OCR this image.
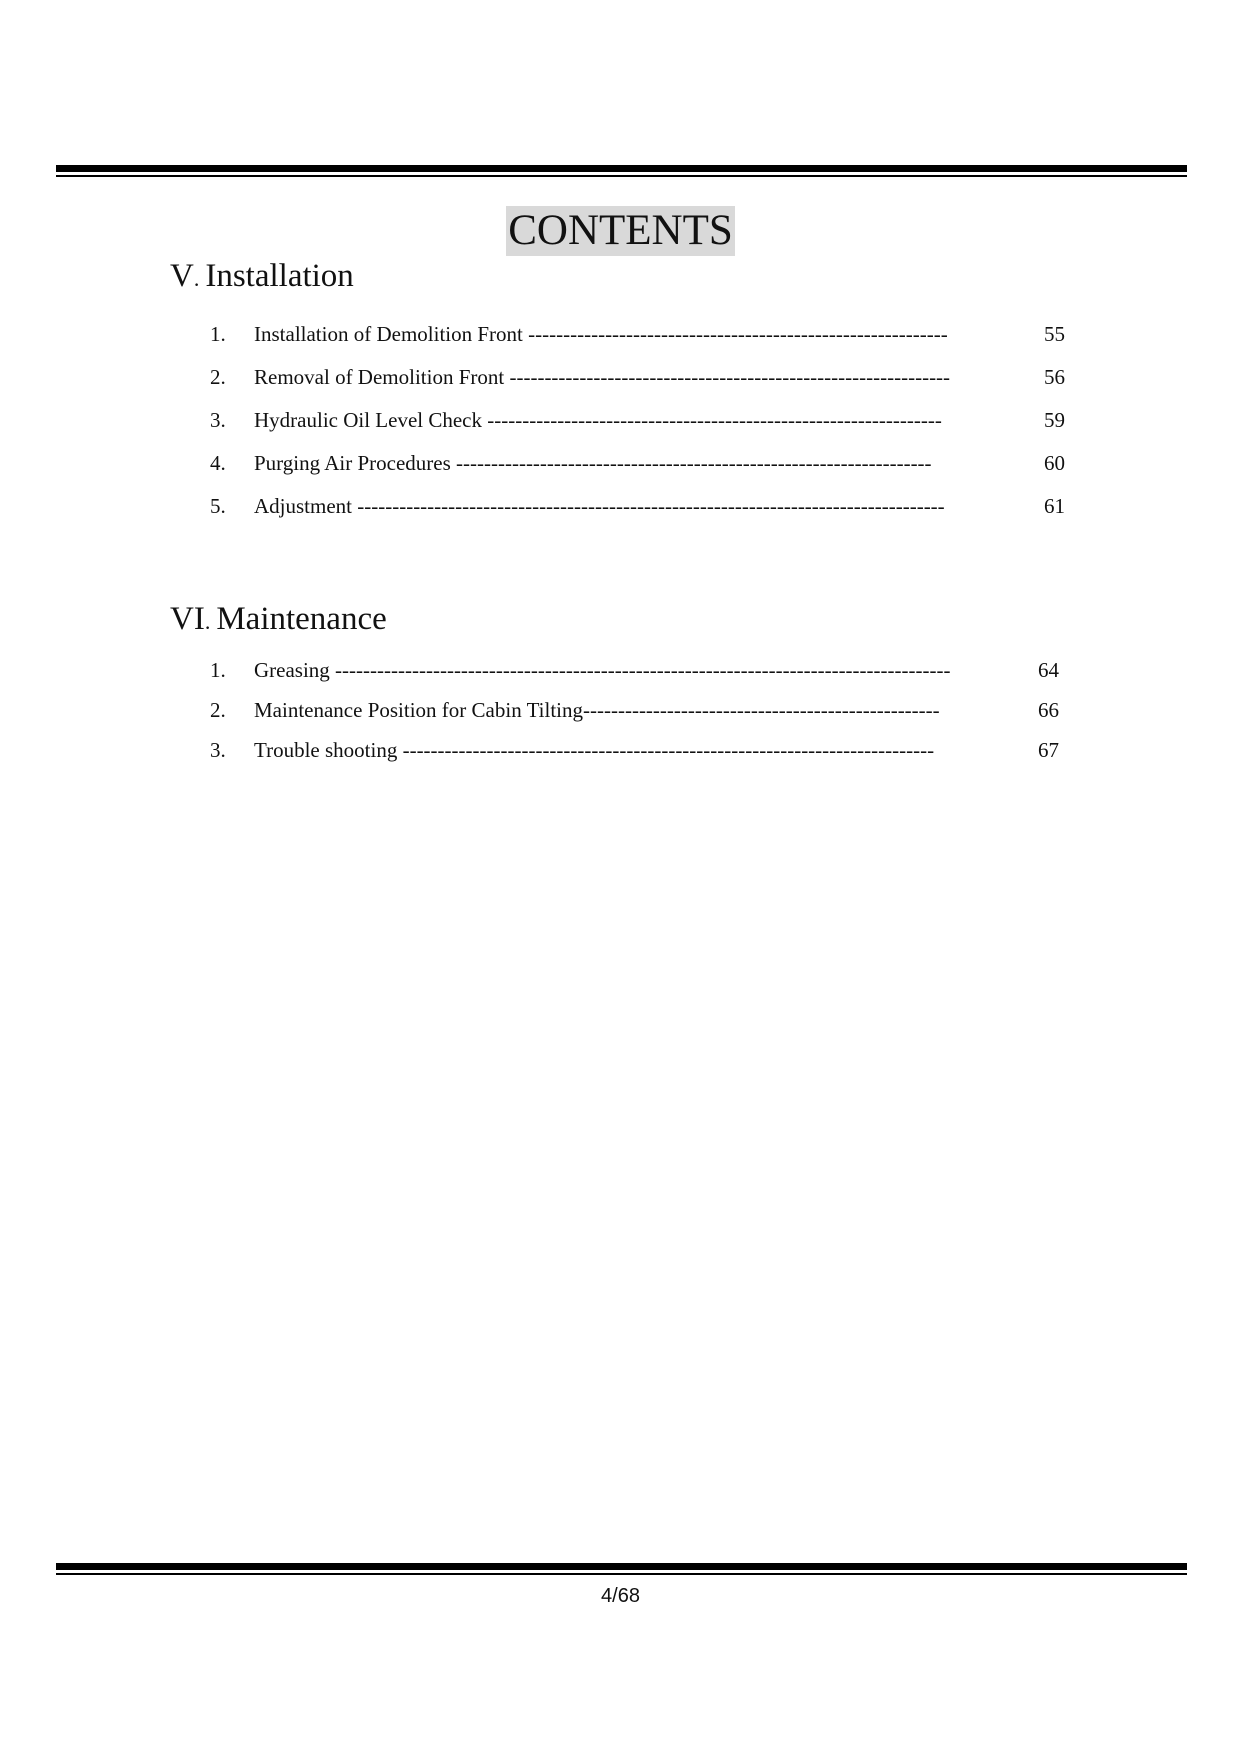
CONTENTS
V. Installation
1.	Installation of Demolition Front ------------------------------------------------------------	55
2.	Removal of Demolition Front ---------------------------------------------------------------	56
3.	Hydraulic Oil Level Check -----------------------------------------------------------------	59
4.	Purging Air Procedures --------------------------------------------------------------------	60
5.	Adjustment ------------------------------------------------------------------------------------	61
VI. Maintenance
1.	Greasing ----------------------------------------------------------------------------------------	64
2.	Maintenance Position for Cabin Tilting---------------------------------------------------	66
3.	Trouble shooting ----------------------------------------------------------------------------	67
4/68
